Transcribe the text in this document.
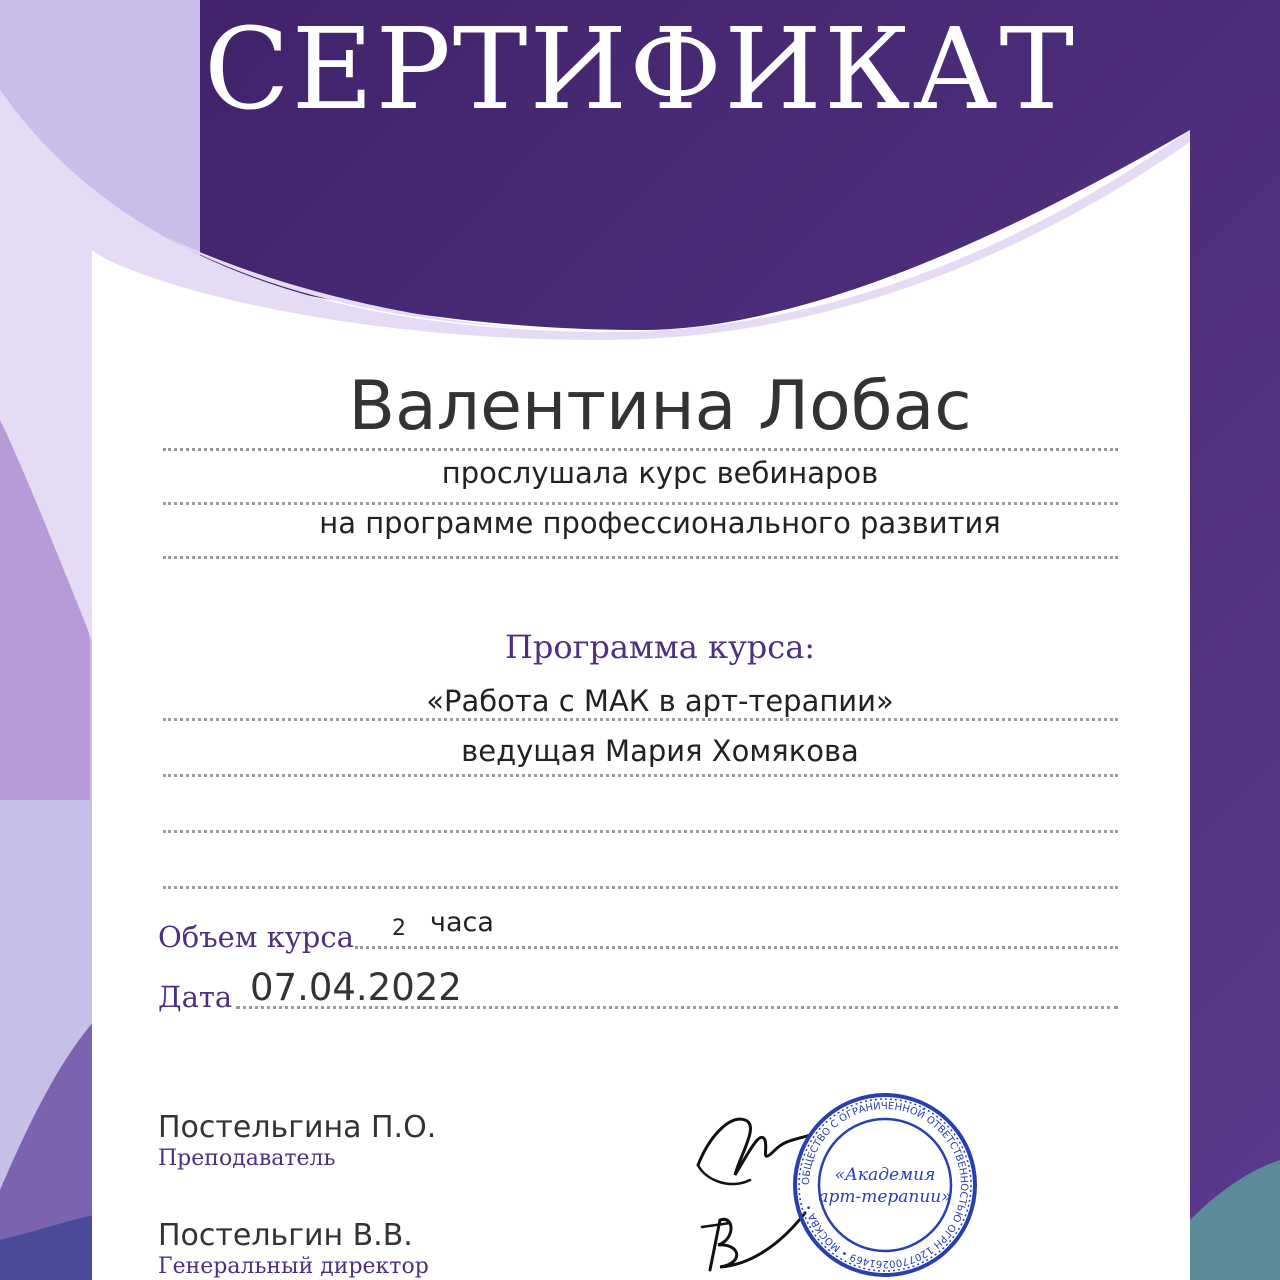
СЕРТИФИКАТ
Валентина Лобас
прослушала курс вебинаров
на программе профессионального развития
Программа курса:
«Работа с МАК в арт-терапии»
ведущая Мария Хомякова
Объем курса 2 часа
Дата 07.04.2022
Постельгина П.О.
Преподаватель
Постельгин В.В.
Генеральный директор
ОБЩЕСТВО С ОГРАНИЧЕННОЙ ОТВЕТСТВЕННОСТЬЮ ОГРН 1207700261469 • МОСКВА •
«Академия
арт-терапии»
